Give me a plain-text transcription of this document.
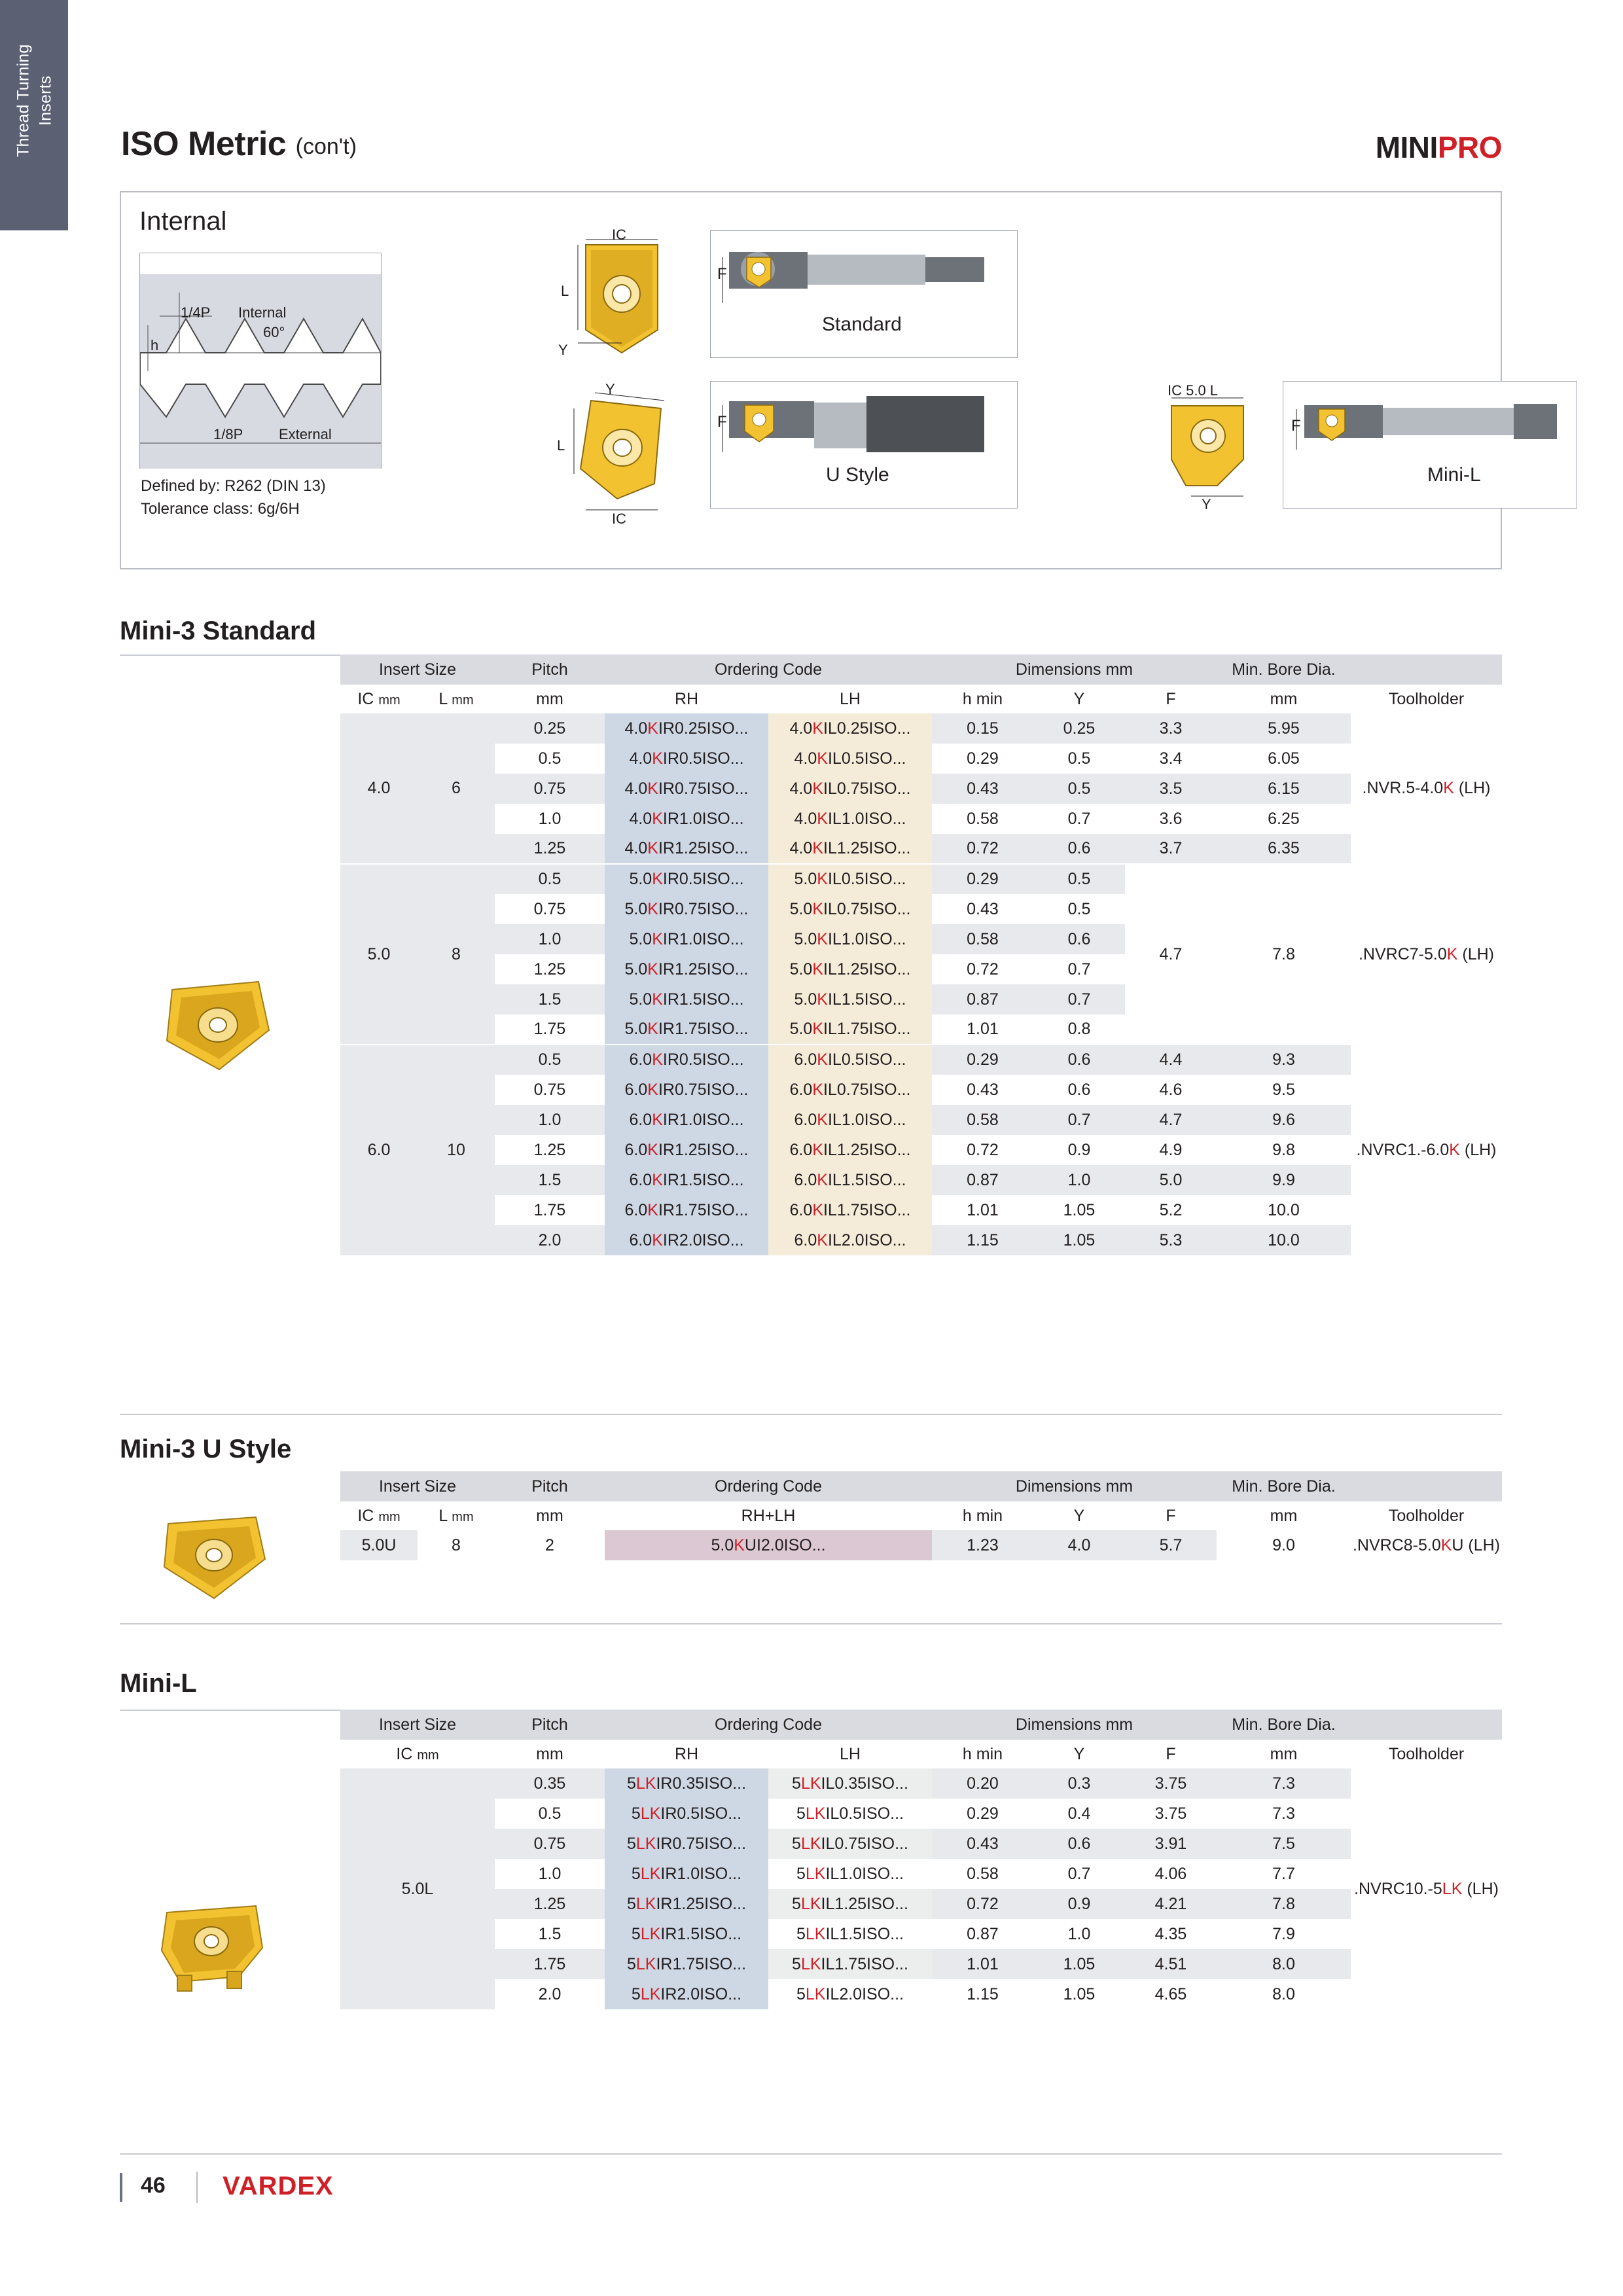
Thread Turning Inserts
ISO Metric (con't)	MINIPRO
Internal
1/4P Internal
60°
h
1/8P External
Defined by: R262 (DIN 13)
Tolerance class: 6g/6H
IC
L
Y
F
Standard
Y
L
IC
F
U Style
IC 5.0 L
Y
F
Mini-L
Mini-3 Standard
Insert Size		Pitch	Ordering Code		Dimensions mm			Min. Bore Dia.	
IC mm	L mm	mm	RH	LH	h min	Y	F	mm	Toolholder
4.0	6	0.25	4.0KIR0.25ISO...	4.0KIL0.25ISO...	0.15	0.25	3.3	5.95	.NVR.5-4.0K (LH)
		0.5	4.0KIR0.5ISO...	4.0KIL0.5ISO...	0.29	0.5	3.4	6.05	
		0.75	4.0KIR0.75ISO...	4.0KIL0.75ISO...	0.43	0.5	3.5	6.15	
		1.0	4.0KIR1.0ISO...	4.0KIL1.0ISO...	0.58	0.7	3.6	6.25	
		1.25	4.0KIR1.25ISO...	4.0KIL1.25ISO...	0.72	0.6	3.7	6.35	
5.0	8	0.5	5.0KIR0.5ISO...	5.0KIL0.5ISO...	0.29	0.5	4.7	7.8	.NVRC7-5.0K (LH)
		0.75	5.0KIR0.75ISO...	5.0KIL0.75ISO...	0.43	0.5			
		1.0	5.0KIR1.0ISO...	5.0KIL1.0ISO...	0.58	0.6			
		1.25	5.0KIR1.25ISO...	5.0KIL1.25ISO...	0.72	0.7			
		1.5	5.0KIR1.5ISO...	5.0KIL1.5ISO...	0.87	0.7			
		1.75	5.0KIR1.75ISO...	5.0KIL1.75ISO...	1.01	0.8			
6.0	10	0.5	6.0KIR0.5ISO...	6.0KIL0.5ISO...	0.29	0.6	4.4	9.3	.NVRC1.-6.0K (LH)
		0.75	6.0KIR0.75ISO...	6.0KIL0.75ISO...	0.43	0.6	4.6	9.5	
		1.0	6.0KIR1.0ISO...	6.0KIL1.0ISO...	0.58	0.7	4.7	9.6	
		1.25	6.0KIR1.25ISO...	6.0KIL1.25ISO...	0.72	0.9	4.9	9.8	
		1.5	6.0KIR1.5ISO...	6.0KIL1.5ISO...	0.87	1.0	5.0	9.9	
		1.75	6.0KIR1.75ISO...	6.0KIL1.75ISO...	1.01	1.05	5.2	10.0	
		2.0	6.0KIR2.0ISO...	6.0KIL2.0ISO...	1.15	1.05	5.3	10.0	
Mini-3 U Style
Insert Size		Pitch	Ordering Code	Dimensions mm			Min. Bore Dia.	
IC mm	L mm	mm	RH+LH	h min	Y	F	mm	Toolholder
5.0U	8	2	5.0KUI2.0ISO...	1.23	4.0	5.7	9.0	.NVRC8-5.0KU (LH)
Mini-L
Insert Size	Pitch	Ordering Code		Dimensions mm			Min. Bore Dia.	
IC mm	mm	RH	LH	h min	Y	F	mm	Toolholder
5.0L	0.35	5LKIR0.35ISO...	5LKIL0.35ISO...	0.20	0.3	3.75	7.3	.NVRC10.-5LK (LH)
	0.5	5LKIR0.5ISO...	5LKIL0.5ISO...	0.29	0.4	3.75	7.3	
	0.75	5LKIR0.75ISO...	5LKIL0.75ISO...	0.43	0.6	3.91	7.5	
	1.0	5LKIR1.0ISO...	5LKIL1.0ISO...	0.58	0.7	4.06	7.7	
	1.25	5LKIR1.25ISO...	5LKIL1.25ISO...	0.72	0.9	4.21	7.8	
	1.5	5LKIR1.5ISO...	5LKIL1.5ISO...	0.87	1.0	4.35	7.9	
	1.75	5LKIR1.75ISO...	5LKIL1.75ISO...	1.01	1.05	4.51	8.0	
	2.0	5LKIR2.0ISO...	5LKIL2.0ISO...	1.15	1.05	4.65	8.0	
46 VARDEX
